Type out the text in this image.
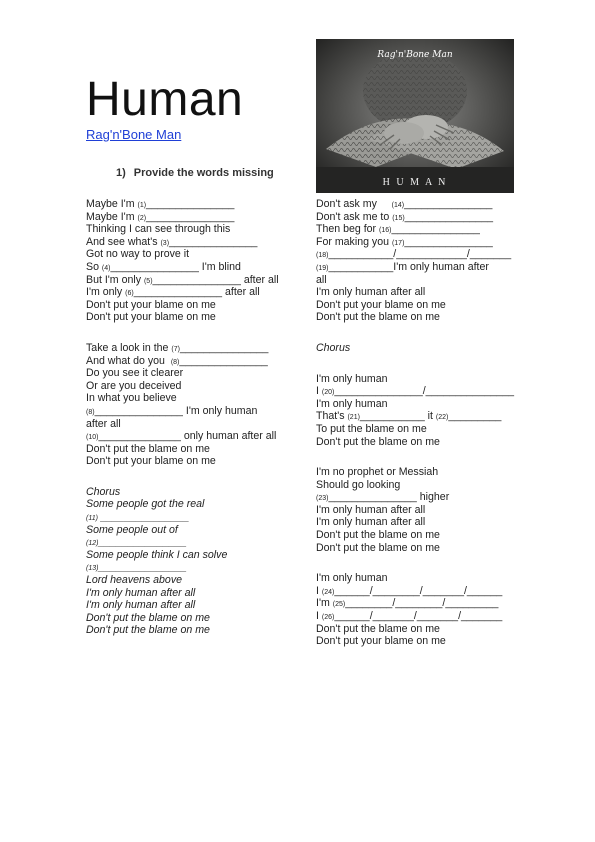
Human
Rag'n'Bone Man
1) Provide the words missing
H U M A N
Rag'n'Bone Man
Maybe I'm (1)_______________
Maybe I'm (2)_______________
Thinking I can see through this
And see what's (3)_______________
Got no way to prove it
So (4)_______________ I'm blind
But I'm only (5)_______________ after all
I'm only (6)_______________ after all
Don't put your blame on me
Don't put your blame on me
Take a look in the (7)_______________
And what do you  (8)_______________
Do you see it clearer
Or are you deceived
In what you believe
(8)_______________ I'm only human
after all
(10)______________ only human after all
Don't put the blame on me
Don't put your blame on me
Chorus
Some people got the real
(11) _______________
Some people out of
(12)_______________
Some people think I can solve
(13)_______________
Lord heavens above
I'm only human after all
I'm only human after all
Don't put the blame on me
Don't put the blame on me
Don't ask my     (14)_______________
Don't ask me to (15)_______________
Then beg for (16)_______________
For making you (17)_______________
(18)___________/____________/_______
(19)___________I'm only human after
all
I'm only human after all
Don't put your blame on me
Don't put the blame on me
Chorus
I'm only human
I (20)_______________/_______________
I'm only human
That's (21)___________ it (22)_________
To put the blame on me
Don't put the blame on me
I'm no prophet or Messiah
Should go looking
(23)_______________ higher
I'm only human after all
I'm only human after all
Don't put the blame on me
Don't put the blame on me
I'm only human
I (24)______/________/_______/______
I'm (25)________/________/_________
I (26)______/_______/_______/_______
Don't put the blame on me
Don't put your blame on me
